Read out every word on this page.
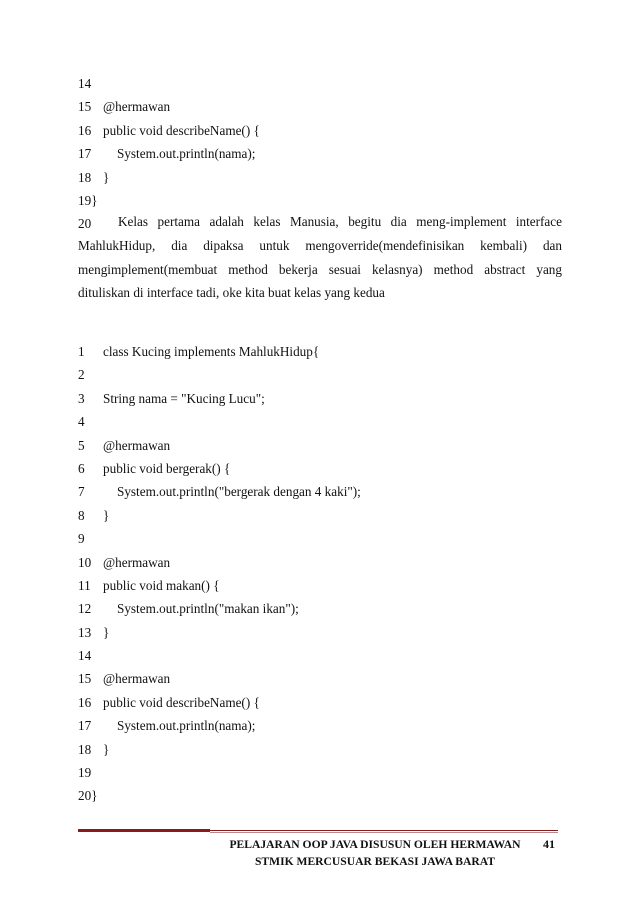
14
15 @hermawan
16 public void describeName() {
17 System.out.println(nama);
18 }
19}
20	Kelas pertama adalah kelas Manusia, begitu dia meng-implement interface MahlukHidup, dia dipaksa untuk mengoverride(mendefinisikan kembali) dan mengimplement(membuat method bekerja sesuai kelasnya) method abstract yang dituliskan di interface tadi, oke kita buat kelas yang kedua

1 class Kucing implements MahlukHidup{
2
3 String nama = "Kucing Lucu";
4
5 @hermawan
6 public void bergerak() {
7 System.out.println("bergerak dengan 4 kaki");
8 }
9
10 @hermawan
11 public void makan() {
12 System.out.println("makan ikan");
13 }
14
15 @hermawan
16 public void describeName() {
17 System.out.println(nama);
18 }
19
20}
PELAJARAN OOP JAVA DISUSUN OLEH HERMAWAN
STMIK MERCUSUAR BEKASI JAWA BARAT
41
